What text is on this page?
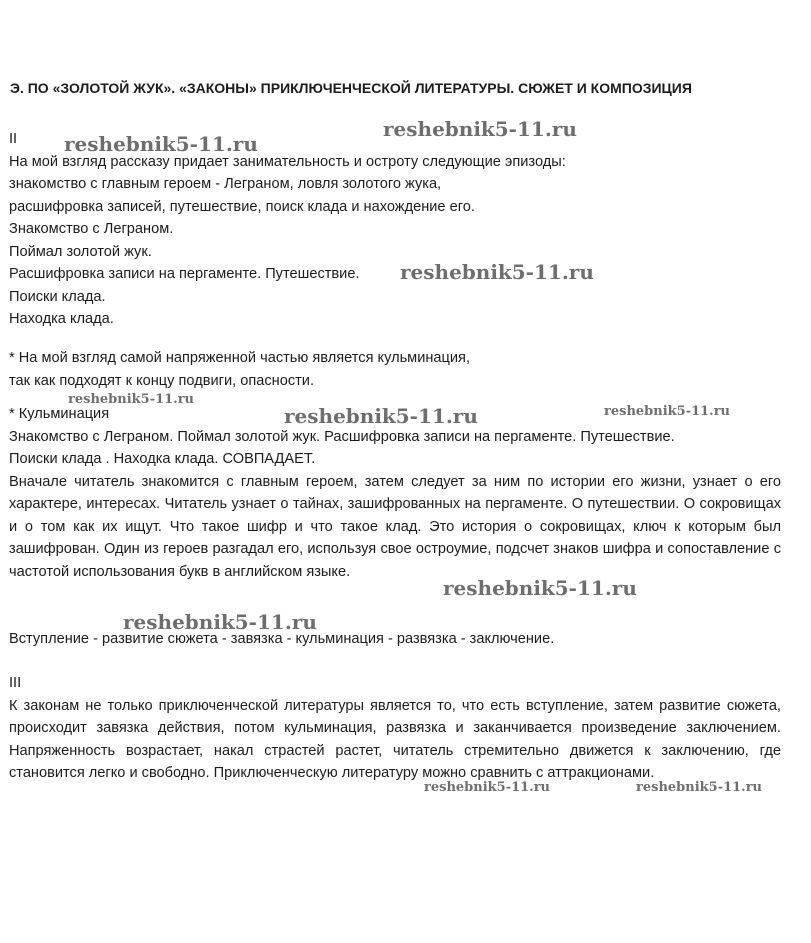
Э. ПО «ЗОЛОТОЙ ЖУК». «ЗАКОНЫ» ПРИКЛЮЧЕНЧЕСКОЙ ЛИТЕРАТУРЫ. СЮЖЕТ И КОМПОЗИЦИЯ
II
На мой взгляд рассказу придает занимательность и остроту следующие эпизоды:
знакомство с главным героем - Леграном, ловля золотого жука,
расшифровка записей, путешествие, поиск клада и нахождение его.
Знакомство с Леграном.
Поймал золотой жук.
Расшифровка записи на пергаменте. Путешествие.
Поиски клада.
Находка клада.
* На мой взгляд самой напряженной частью является кульминация,
так как подходят к концу подвиги, опасности.
* Кульминация
Знакомство с Леграном. Поймал золотой жук. Расшифровка записи на пергаменте. Путешествие.
Поиски клада . Находка клада. СОВПАДАЕТ.
Вначале читатель знакомится с главным героем, затем следует за ним по истории его жизни, узнает о его характере, интересах. Читатель узнает о тайнах, зашифрованных на пергаменте. О путешествии. О сокровищах и о том как их ищут. Что такое шифр и что такое клад. Это история о сокровищах, ключ к которым был зашифрован. Один из героев разгадал его, используя свое остроумие, подсчет знаков шифра и сопоставление с частотой использования букв в английском языке.
Вступление - развитие сюжета - завязка - кульминация - развязка - заключение.
III
К законам не только приключенческой литературы является то, что есть вступление, затем развитие сюжета, происходит завязка действия, потом кульминация, развязка и заканчивается произведение заключением. Напряженность возрастает, накал страстей растет, читатель стремительно движется к заключению, где становится легко и свободно. Приключенческую литературу можно сравнить с аттракционами.
reshebnik5-11.ru
reshebnik5-11.ru
reshebnik5-11.ru
reshebnik5-11.ru
reshebnik5-11.ru	reshebnik5-11.ru
reshebnik5-11.ru
reshebnik5-11.ru
reshebnik5-11.ru	reshebnik5-11.ru
